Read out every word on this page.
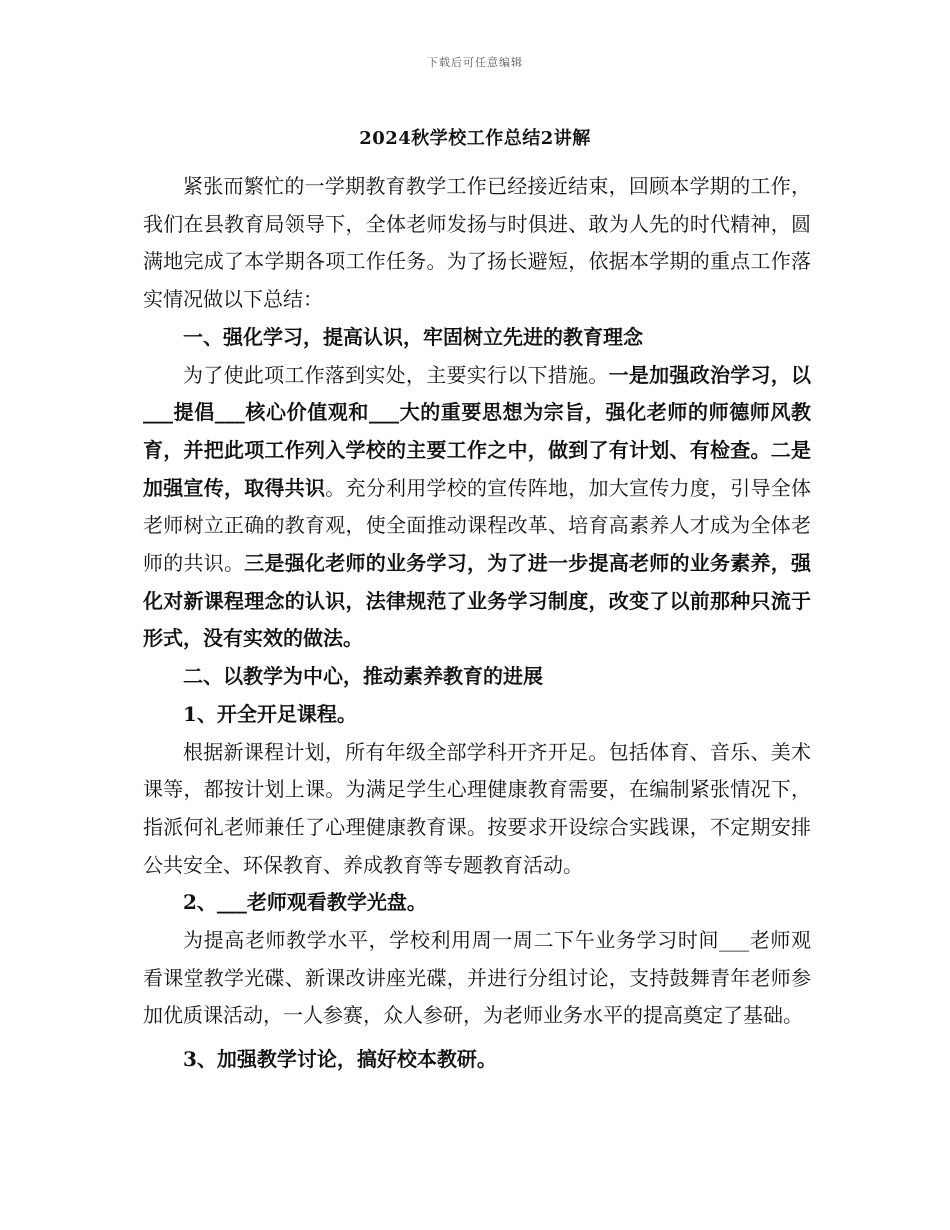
下载后可任意编辑
2024秋学校工作总结2讲解

紧张而繁忙的一学期教育教学工作已经接近结束，回顾本学期的工作，我们在县教育局领导下，全体老师发扬与时俱进、敢为人先的时代精神，圆满地完成了本学期各项工作任务。为了扬长避短，依据本学期的重点工作落实情况做以下总结：

一、强化学习，提高认识，牢固树立先进的教育理念

为了使此项工作落到实处，主要实行以下措施。一是加强政治学习，以___提倡___核心价值观和___大的重要思想为宗旨，强化老师的师德师风教育，并把此项工作列入学校的主要工作之中，做到了有计划、有检查。二是加强宣传，取得共识。充分利用学校的宣传阵地，加大宣传力度，引导全体老师树立正确的教育观，使全面推动课程改革、培育高素养人才成为全体老师的共识。三是强化老师的业务学习，为了进一步提高老师的业务素养，强化对新课程理念的认识，法律规范了业务学习制度，改变了以前那种只流于形式，没有实效的做法。

二、以教学为中心，推动素养教育的进展

1、开全开足课程。

根据新课程计划，所有年级全部学科开齐开足。包括体育、音乐、美术课等，都按计划上课。为满足学生心理健康教育需要，在编制紧张情况下，指派何礼老师兼任了心理健康教育课。按要求开设综合实践课，不定期安排公共安全、环保教育、养成教育等专题教育活动。

2、___老师观看教学光盘。

为提高老师教学水平，学校利用周一周二下午业务学习时间___老师观看课堂教学光碟、新课改讲座光碟，并进行分组讨论，支持鼓舞青年老师参加优质课活动，一人参赛，众人参研，为老师业务水平的提高奠定了基础。

3、加强教学讨论，搞好校本教研。
